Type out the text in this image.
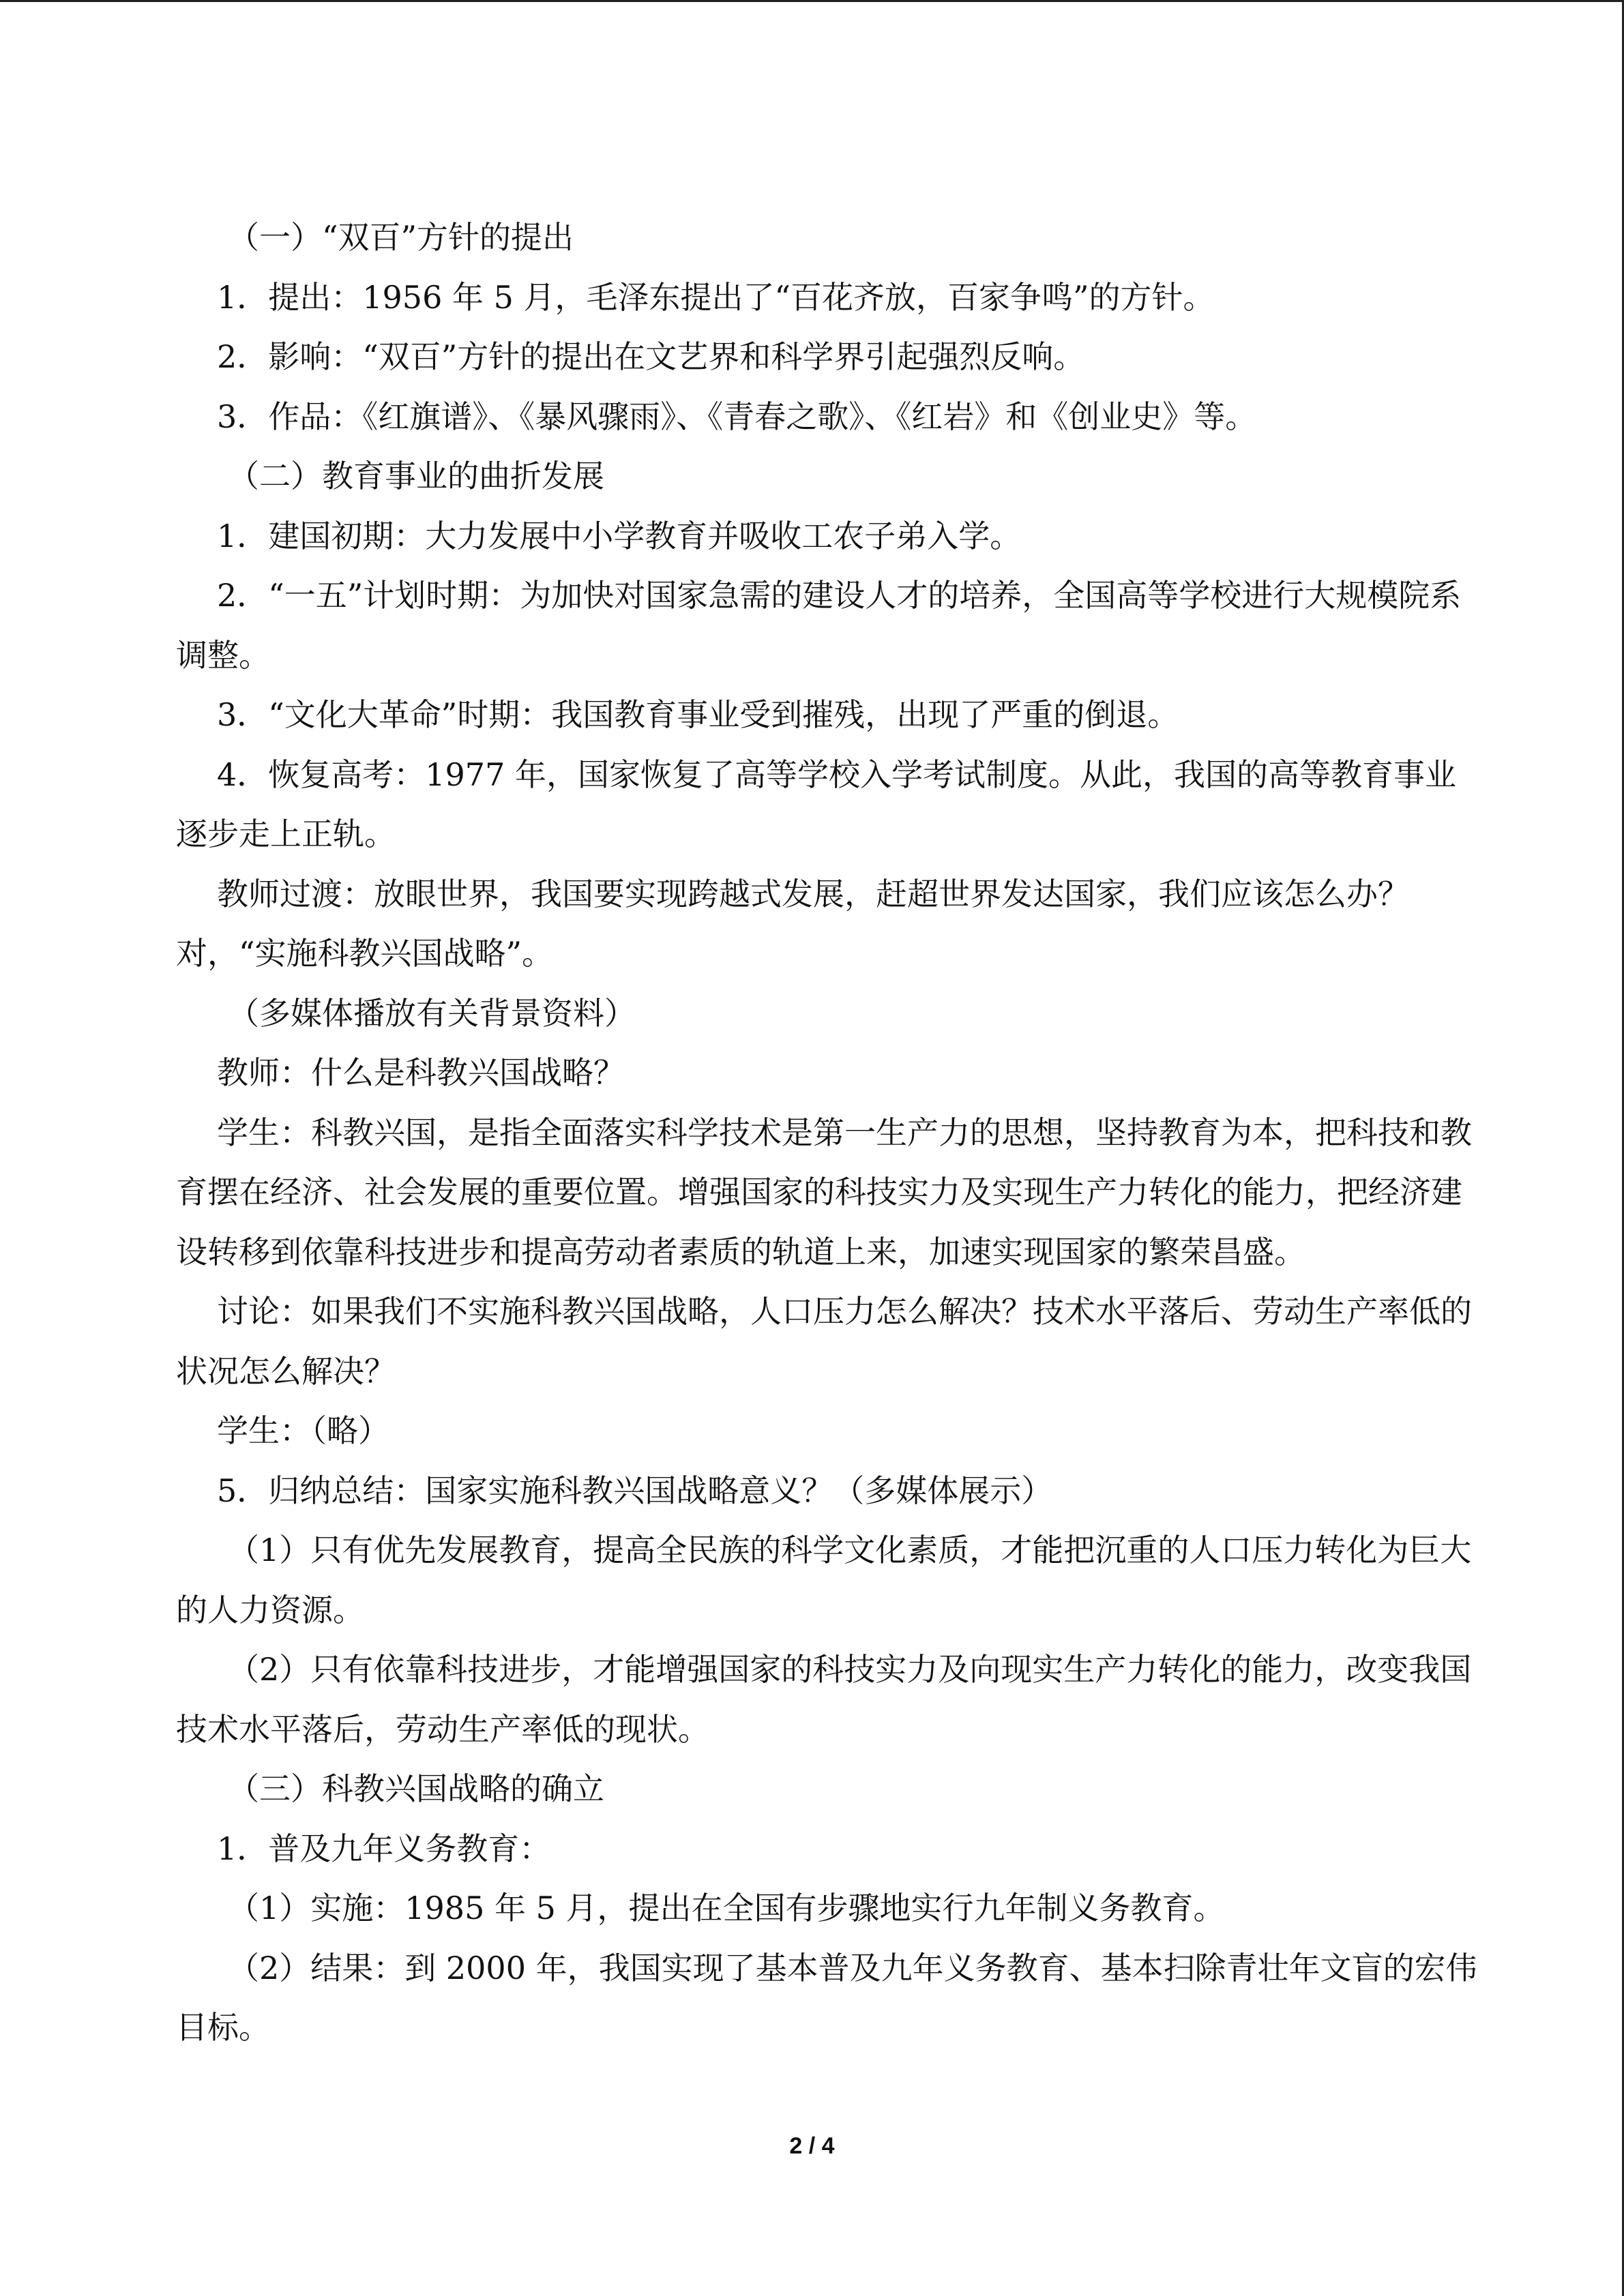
（一）“双百”方针的提出

1．提出：1956 年 5 月，毛泽东提出了“百花齐放，百家争鸣”的方针。

2．影响：“双百”方针的提出在文艺界和科学界引起强烈反响。

3．作品：《红旗谱》、《暴风骤雨》、《青春之歌》、《红岩》和《创业史》等。

（二）教育事业的曲折发展

1．建国初期：大力发展中小学教育并吸收工农子弟入学。

2．“一五”计划时期：为加快对国家急需的建设人才的培养，全国高等学校进行大规模院系调整。

3．“文化大革命”时期：我国教育事业受到摧残，出现了严重的倒退。

4．恢复高考：1977 年，国家恢复了高等学校入学考试制度。从此，我国的高等教育事业逐步走上正轨。

教师过渡：放眼世界，我国要实现跨越式发展，赶超世界发达国家，我们应该怎么办？对，“实施科教兴国战略”。

（多媒体播放有关背景资料）

教师：什么是科教兴国战略？

学生：科教兴国，是指全面落实科学技术是第一生产力的思想，坚持教育为本，把科技和教育摆在经济、社会发展的重要位置。增强国家的科技实力及实现生产力转化的能力，把经济建设转移到依靠科技进步和提高劳动者素质的轨道上来，加速实现国家的繁荣昌盛。

讨论：如果我们不实施科教兴国战略，人口压力怎么解决？技术水平落后、劳动生产率低的状况怎么解决？

学生：（略）

5．归纳总结：国家实施科教兴国战略意义？（多媒体展示）

（1）只有优先发展教育，提高全民族的科学文化素质，才能把沉重的人口压力转化为巨大的人力资源。

（2）只有依靠科技进步，才能增强国家的科技实力及向现实生产力转化的能力，改变我国技术水平落后，劳动生产率低的现状。

（三）科教兴国战略的确立

1．普及九年义务教育：

（1）实施：1985 年 5 月，提出在全国有步骤地实行九年制义务教育。

（2）结果：到 2000 年，我国实现了基本普及九年义务教育、基本扫除青壮年文盲的宏伟目标。

2 / 4
